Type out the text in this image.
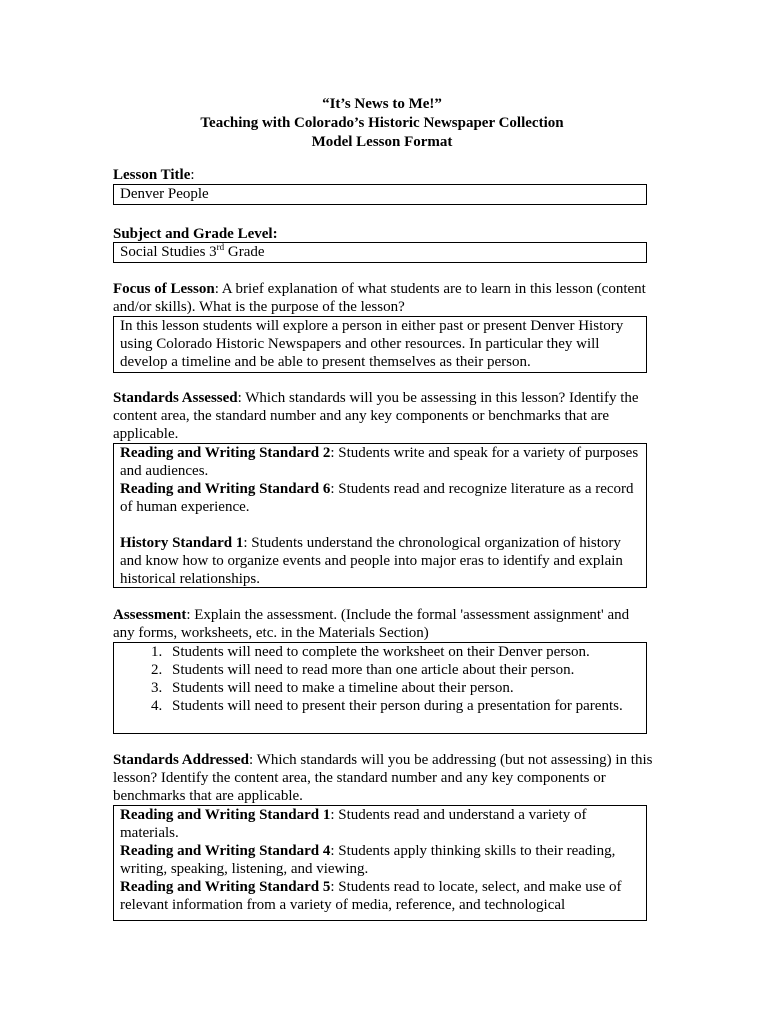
“It’s News to Me!”
Teaching with Colorado’s Historic Newspaper Collection
Model Lesson Format
Lesson Title:
Denver People
Subject and Grade Level:
Social Studies 3rd Grade
Focus of Lesson: A brief explanation of what students are to learn in this lesson (content and/or skills). What is the purpose of the lesson?
In this lesson students will explore a person in either past or present Denver History using Colorado Historic Newspapers and other resources. In particular they will develop a timeline and be able to present themselves as their person.
Standards Assessed: Which standards will you be assessing in this lesson? Identify the content area, the standard number and any key components or benchmarks that are applicable.

Reading and Writing Standard 2: Students write and speak for a variety of purposes and audiences.

Reading and Writing Standard 6: Students read and recognize literature as a record of human experience.

History Standard 1: Students understand the chronological organization of history and know how to organize events and people into major eras to identify and explain historical relationships.

Assessment: Explain the assessment. (Include the formal 'assessment assignment' and any forms, worksheets, etc. in the Materials Section)
1. Students will need to complete the worksheet on their Denver person.
2. Students will need to read more than one article about their person.
3. Students will need to make a timeline about their person.
4. Students will need to present their person during a presentation for parents.
Standards Addressed: Which standards will you be addressing (but not assessing) in this lesson? Identify the content area, the standard number and any key components or benchmarks that are applicable.

Reading and Writing Standard 1: Students read and understand a variety of materials.

Reading and Writing Standard 4: Students apply thinking skills to their reading, writing, speaking, listening, and viewing.

Reading and Writing Standard 5: Students read to locate, select, and make use of relevant information from a variety of media, reference, and technological
